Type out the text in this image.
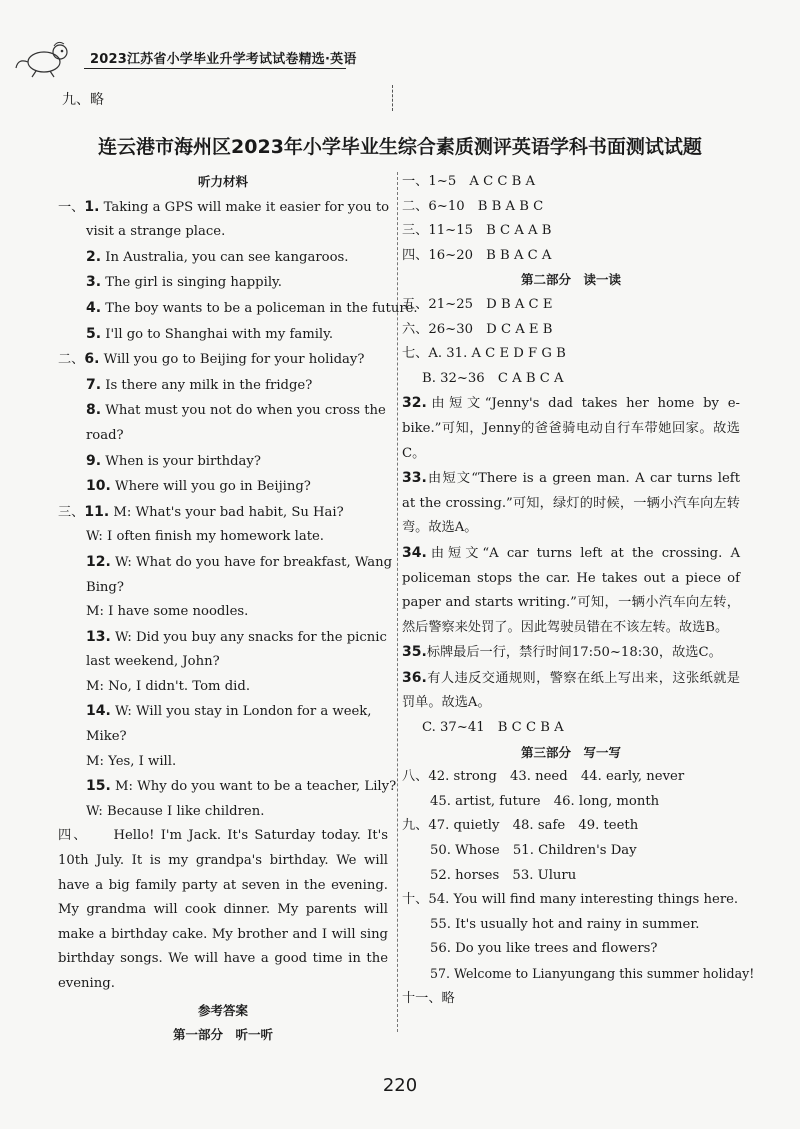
2023江苏省小学毕业升学考试试卷精选·英语
九、略
连云港市海州区2023年小学毕业生综合素质测评英语学科书面测试试题
听力材料
一、1. Taking a GPS will make it easier for you to
visit a strange place.
2. In Australia, you can see kangaroos.
3. The girl is singing happily.
4. The boy wants to be a policeman in the future.
5. I'll go to Shanghai with my family.
二、6. Will you go to Beijing for your holiday?
7. Is there any milk in the fridge?
8. What must you not do when you cross the
road?
9. When is your birthday?
10. Where will you go in Beijing?
三、11. M: What's your bad habit, Su Hai?
W: I often finish my homework late.
12. W: What do you have for breakfast, Wang
Bing?
M: I have some noodles.
13. W: Did you buy any snacks for the picnic
last weekend, John?
M: No, I didn't. Tom did.
14. W: Will you stay in London for a week,
Mike?
M: Yes, I will.
15. M: Why do you want to be a teacher, Lily?
W: Because I like children.
四、 Hello! I'm Jack. It's Saturday today. It's 10th July. It is my grandpa's birthday. We will have a big family party at seven in the evening. My grandma will cook dinner. My parents will make a birthday cake. My brother and I will sing birthday songs. We will have a good time in the evening.
参考答案
第一部分　听一听
一、1~5　A C C B A
二、6~10　B B A B C
三、11~15　B C A A B
四、16~20　B B A C A
第二部分　读一读
五、21~25　D B A C E
六、26~30　D C A E B
七、A. 31. A C E D F G B
B. 32~36　C A B C A
32.由短文“Jenny's dad takes her home by e-bike.”可知，Jenny的爸爸骑电动自行车带她回家。故选C。
33.由短文“There is a green man. A car turns left at the crossing.”可知，绿灯的时候，一辆小汽车向左转弯。故选A。
34.由短文“A car turns left at the crossing. A policeman stops the car. He takes out a piece of paper and starts writing.”可知，一辆小汽车向左转，然后警察来处罚了。因此驾驶员错在不该左转。故选B。
35.标牌最后一行，禁行时间17:50~18:30，故选C。
36.有人违反交通规则，警察在纸上写出来，这张纸就是罚单。故选A。
C. 37~41　B C C B A
第三部分　写一写
八、42. strong　43. need　44. early, never
45. artist, future　46. long, month
九、47. quietly　48. safe　49. teeth
50. Whose　51. Children's Day
52. horses　53. Uluru
十、54. You will find many interesting things here.
55. It's usually hot and rainy in summer.
56. Do you like trees and flowers?
57. Welcome to Lianyungang this summer holiday!
十一、略
220
